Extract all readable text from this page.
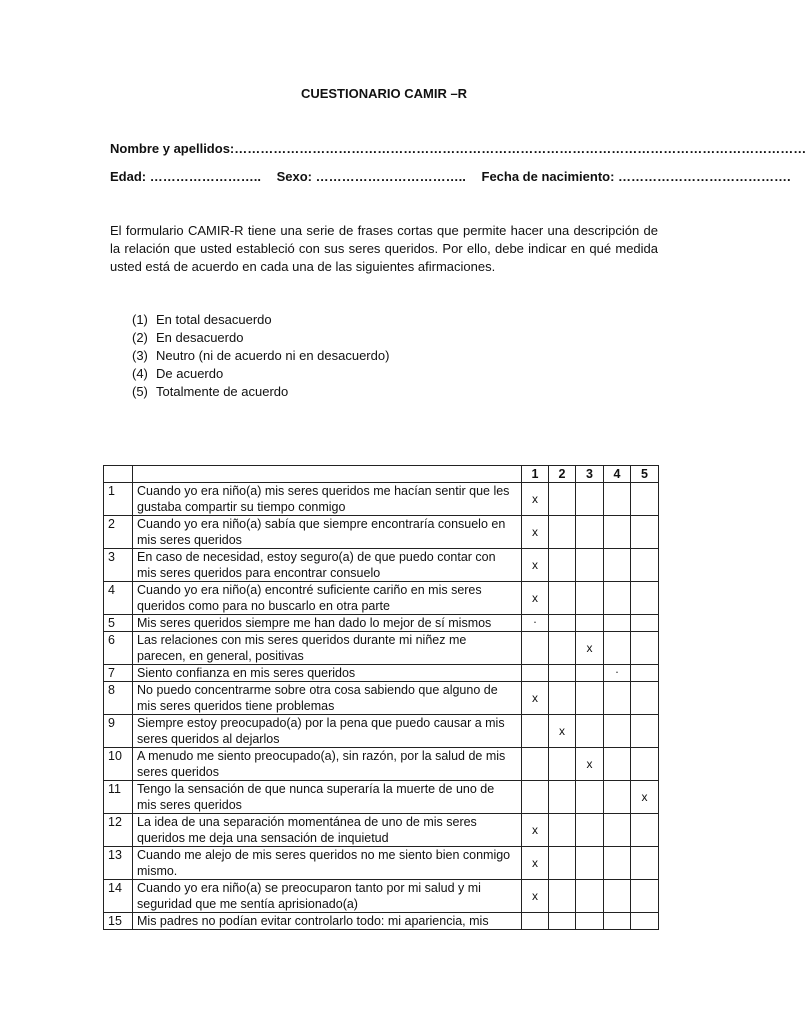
CUESTIONARIO CAMIR –R
Nombre y apellidos:……………………………………………………………………………………………………………………
Edad: …………………….. Sexo: …………………………….. Fecha de nacimiento: ………………………………….
El formulario CAMIR-R tiene una serie de frases cortas que permite hacer una descripción de la relación que usted estableció con sus seres queridos. Por ello, debe indicar en qué medida usted está de acuerdo en cada una de las siguientes afirmaciones.
(1) En total desacuerdo
(2) En desacuerdo
(3) Neutro (ni de acuerdo ni en desacuerdo)
(4) De acuerdo
(5) Totalmente de acuerdo
		1	2	3	4	5
1	Cuando yo era niño(a) mis seres queridos me hacían sentir que les gustaba compartir su tiempo conmigo	x				
2	Cuando yo era niño(a) sabía que siempre encontraría consuelo en mis seres queridos	x				
3	En caso de necesidad, estoy seguro(a) de que puedo contar con mis seres queridos para encontrar consuelo	x				
4	Cuando yo era niño(a) encontré suficiente cariño en mis seres queridos como para no buscarlo en otra parte	x				
5	Mis seres queridos siempre me han dado lo mejor de sí mismos	•				
6	Las relaciones con mis seres queridos durante mi niñez me parecen, en general, positivas			x		
7	Siento confianza en mis seres queridos				•	
8	No puedo concentrarme sobre otra cosa sabiendo que alguno de mis seres queridos tiene problemas	x				
9	Siempre estoy preocupado(a) por la pena que puedo causar a mis seres queridos al dejarlos		x			
10	A menudo me siento preocupado(a), sin razón, por la salud de mis seres queridos			x		
11	Tengo la sensación de que nunca superaría la muerte de uno de mis seres queridos					x
12	La idea de una separación momentánea de uno de mis seres queridos me deja una sensación de inquietud	x				
13	Cuando me alejo de mis seres queridos no me siento bien conmigo mismo.	x				
14	Cuando yo era niño(a) se preocuparon tanto por mi salud y mi seguridad que me sentía aprisionado(a)	x				
15	Mis padres no podían evitar controlarlo todo: mi apariencia, mis					
